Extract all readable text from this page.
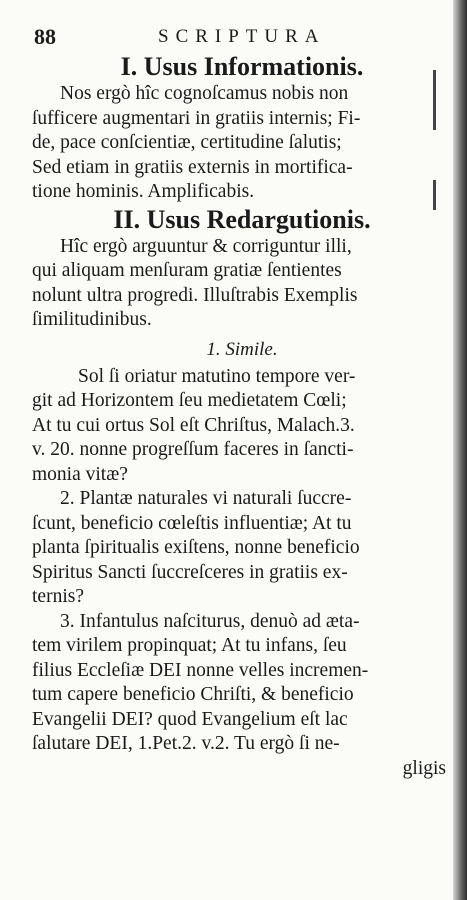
88	SCRIPTURA
I. Usus Informationis.
Nos ergò hîc cognoſcamus nobis non
ſufficere augmentari in gratiis internis; Fi-
de, pace conſcientiæ, certitudine ſalutis;
Sed etiam in gratiis externis in mortifica-
tione hominis. Amplificabis.
II. Usus Redargutionis.
Hîc ergò arguuntur & corriguntur illi,
qui aliquam menſuram gratiæ ſentientes
nolunt ultra progredi. Illuſtrabis Exemplis
ſimilitudinibus.
1. Simile.
Sol ſi oriatur matutino tempore ver-
git ad Horizontem ſeu medietatem Cœli;
At tu cui ortus Sol eſt Chriſtus, Malach.3.
v. 20. nonne progreſſum faceres in ſancti-
monia vitæ?
2. Plantæ naturales vi naturali ſuccre-
ſcunt, beneficio cœleſtis influentiæ; At tu
planta ſpiritualis exiſtens, nonne beneficio
Spiritus Sancti ſuccreſceres in gratiis ex-
ternis?
3. Infantulus naſciturus, denuò ad æta-
tem virilem propinquat; At tu infans, ſeu
filius Eccleſiæ DEI nonne velles incremen-
tum capere beneficio Chriſti, & beneficio
Evangelii DEI? quod Evangelium eſt lac
ſalutare DEI, 1.Pet.2. v.2. Tu ergò ſi ne-
gligis
